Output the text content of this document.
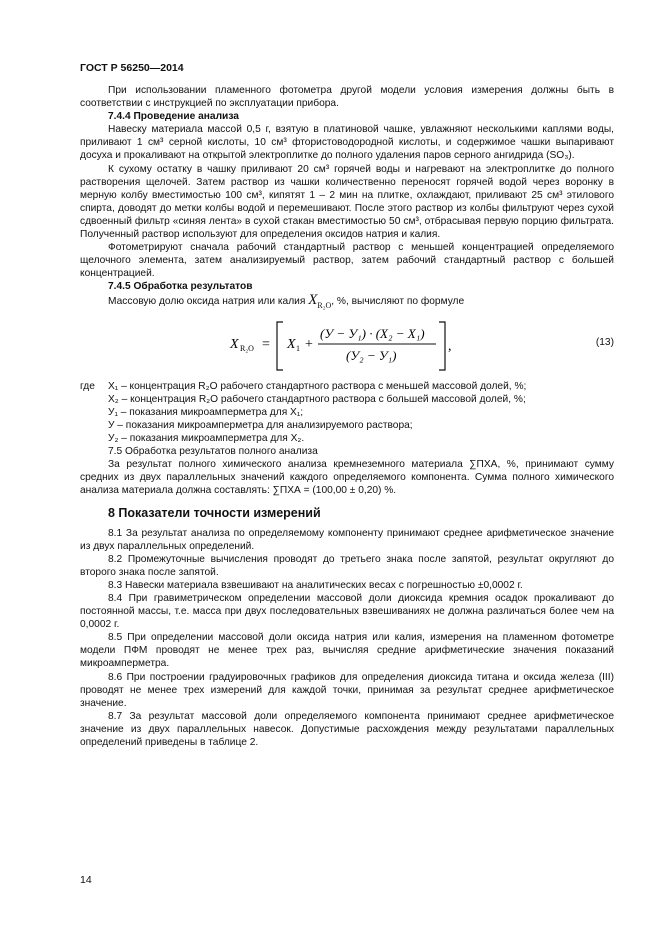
ГОСТ Р 56250—2014

При использовании пламенного фотометра другой модели условия измерения должны быть в соответствии с инструкцией по эксплуатации прибора.

7.4.4 Проведение анализа

Навеску материала массой 0,5 г, взятую в платиновой чашке, увлажняют несколькими каплями воды, приливают 1 см³ серной кислоты, 10 см³ фтористоводородной кислоты, и содержимое чашки выпаривают досуха и прокаливают на открытой электроплитке до полного удаления паров серного ангидрида (SO₃).

К сухому остатку в чашку приливают 20 см³ горячей воды и нагревают на электроплитке до полного растворения щелочей. Затем раствор из чашки количественно переносят горячей водой через воронку в мерную колбу вместимостью 100 см³, кипятят 1 – 2 мин на плитке, охлаждают, приливают 25 см³ этилового спирта, доводят до метки колбы водой и перемешивают. После этого раствор из колбы фильтруют через сухой сдвоенный фильтр «синяя лента» в сухой стакан вместимостью 50 см³, отбрасывая первую порцию фильтрата. Полученный раствор используют для определения оксидов натрия и калия.

Фотометрируют сначала рабочий стандартный раствор с меньшей концентрацией определяемого щелочного элемента, затем анализируемый раствор, затем рабочий стандартный раствор с большей концентрацией.

7.4.5 Обработка результатов

Массовую долю оксида натрия или калия $X_{R_2O}$, %, вычисляют по формуле

X R₂O = X 1 +
(У − У₁) · (X₂ − X₁)
(У₂ − У₁)
,	(13)
где	X₁ – концентрация R₂O рабочего стандартного раствора с меньшей массовой долей, %;
X₂ – концентрация R₂O рабочего стандартного раствора с большей массовой долей, %;
У₁ – показания микроамперметра для X₁;
У – показания микроамперметра для анализируемого раствора;
У₂ – показания микроамперметра для X₂.
7.5 Обработка результатов полного анализа

За результат полного химического анализа кремнеземного материала ∑ПХА, %, принимают сумму средних из двух параллельных значений каждого определяемого компонента. Сумма полного химического анализа материала должна составлять: ∑ПХА = (100,00 ± 0,20) %.

8 Показатели точности измерений

8.1 За результат анализа по определяемому компоненту принимают среднее арифметическое значение из двух параллельных определений.

8.2 Промежуточные вычисления проводят до третьего знака после запятой, результат округляют до второго знака после запятой.

8.3 Навески материала взвешивают на аналитических весах с погрешностью ±0,0002 г.

8.4 При гравиметрическом определении массовой доли диоксида кремния осадок прокаливают до постоянной массы, т.е. масса при двух последовательных взвешиваниях не должна различаться более чем на 0,0002 г.

8.5 При определении массовой доли оксида натрия или калия, измерения на пламенном фотометре модели ПФМ проводят не менее трех раз, вычисляя средние арифметические значения показаний микроамперметра.

8.6 При построении градуировочных графиков для определения диоксида титана и оксида железа (III) проводят не менее трех измерений для каждой точки, принимая за результат среднее арифметическое значение.

8.7 За результат массовой доли определяемого компонента принимают среднее арифметическое значение из двух параллельных навесок. Допустимые расхождения между результатами параллельных определений приведены в таблице 2.

14
